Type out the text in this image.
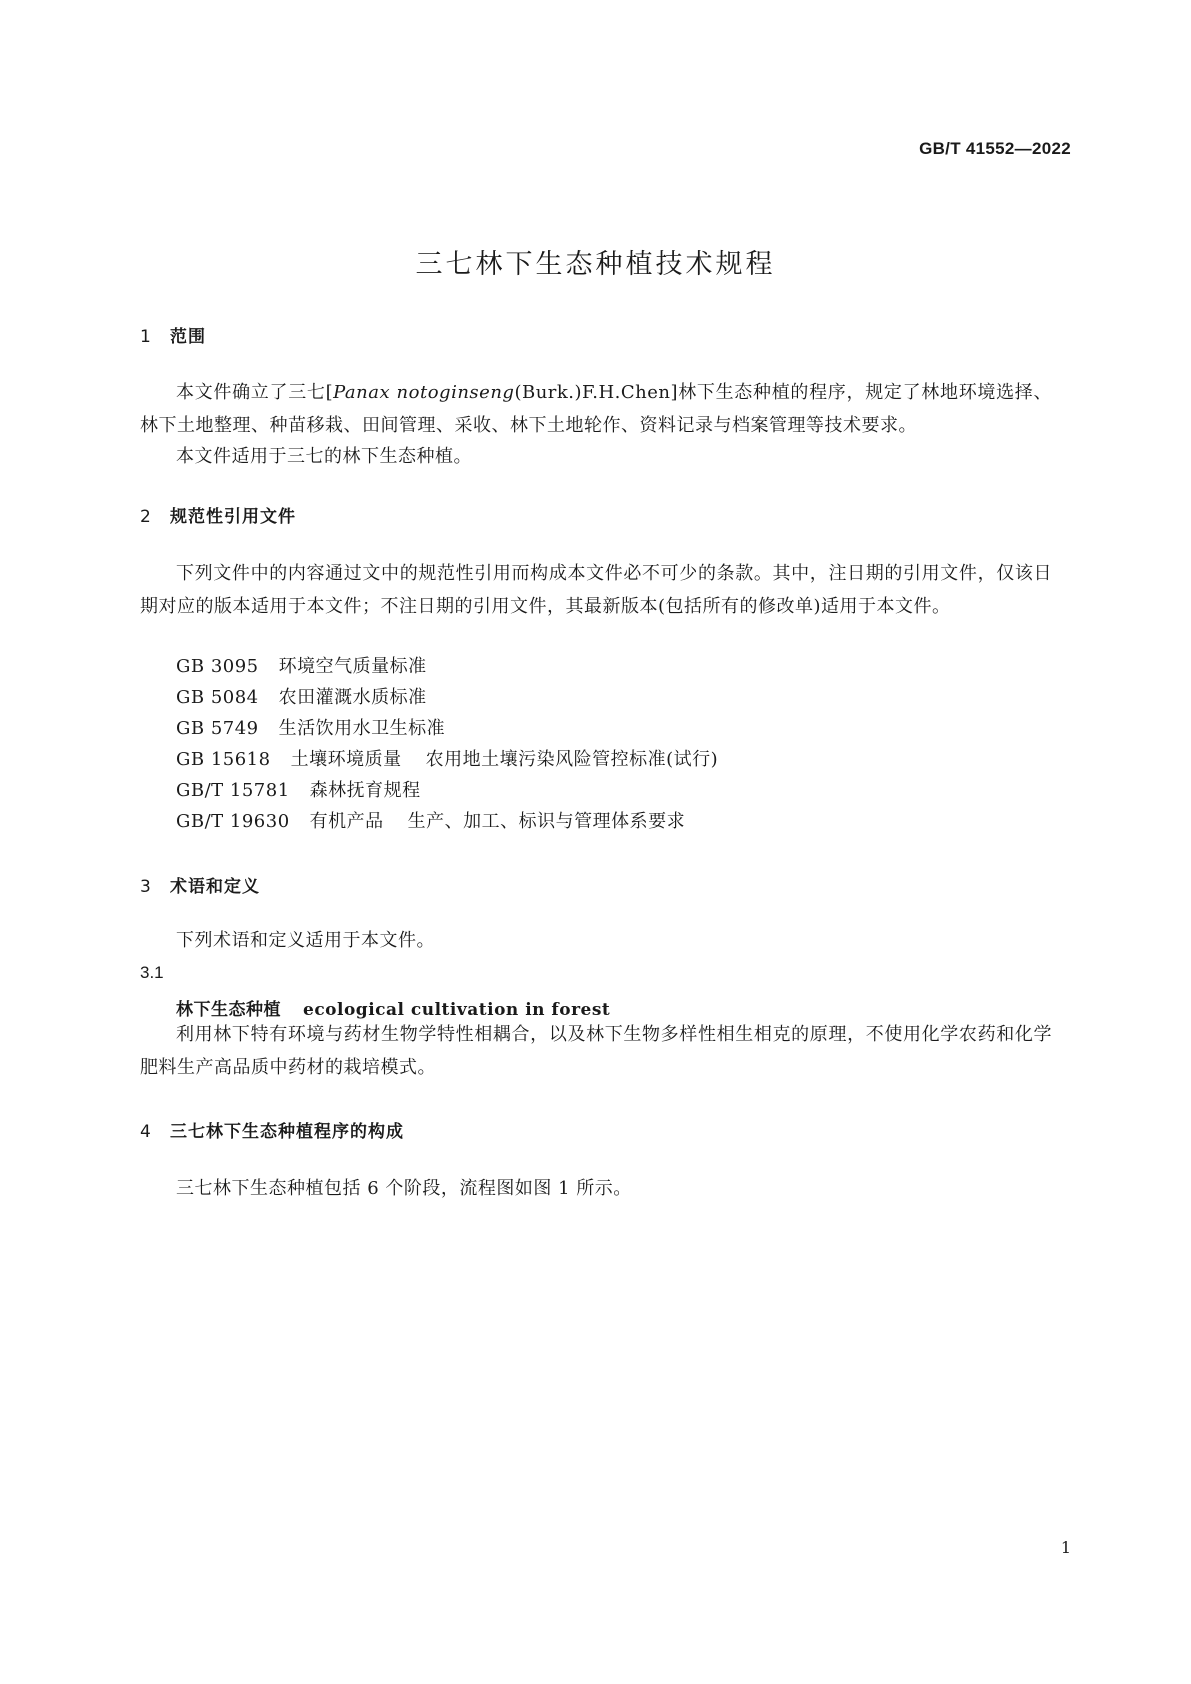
GB/T 41552—2022
三七林下生态种植技术规程
1 范围
本文件确立了三七[Panax notoginseng(Burk.)F.H.Chen]林下生态种植的程序，规定了林地环境选择、林下土地整理、种苗移栽、田间管理、采收、林下土地轮作、资料记录与档案管理等技术要求。
本文件适用于三七的林下生态种植。
2 规范性引用文件
下列文件中的内容通过文中的规范性引用而构成本文件必不可少的条款。其中，注日期的引用文件，仅该日期对应的版本适用于本文件；不注日期的引用文件，其最新版本(包括所有的修改单)适用于本文件。
GB 3095 环境空气质量标准
GB 5084 农田灌溉水质标准
GB 5749 生活饮用水卫生标准
GB 15618 土壤环境质量 农用地土壤污染风险管控标准(试行)
GB/T 15781 森林抚育规程
GB/T 19630 有机产品 生产、加工、标识与管理体系要求
3 术语和定义
下列术语和定义适用于本文件。
3.1
林下生态种植 ecological cultivation in forest
利用林下特有环境与药材生物学特性相耦合，以及林下生物多样性相生相克的原理，不使用化学农药和化学肥料生产高品质中药材的栽培模式。
4 三七林下生态种植程序的构成
三七林下生态种植包括 6 个阶段，流程图如图 1 所示。
1
